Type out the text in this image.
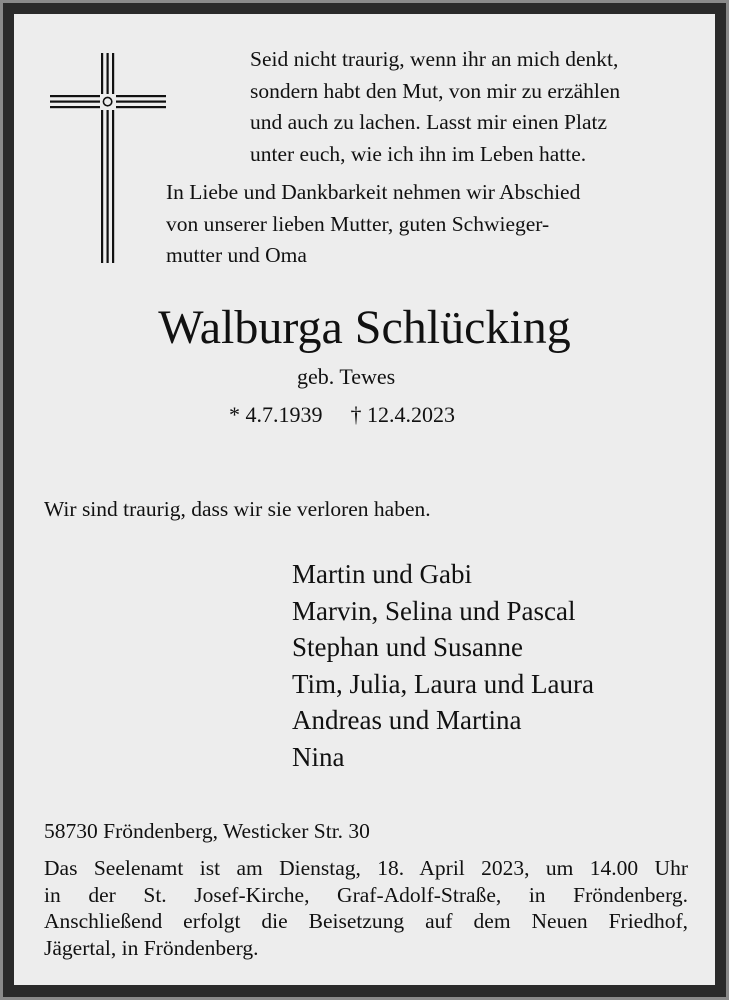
Seid nicht traurig, wenn ihr an mich denkt,
sondern habt den Mut, von mir zu erzählen
und auch zu lachen. Lasst mir einen Platz
unter euch, wie ich ihn im Leben hatte.
In Liebe und Dankbarkeit nehmen wir Abschied
von unserer lieben Mutter, guten Schwieger-
mutter und Oma
Walburga Schlücking
geb. Tewes
* 4.7.1939 † 12.4.2023
Wir sind traurig, dass wir sie verloren haben.
Martin und Gabi
Marvin, Selina und Pascal
Stephan und Susanne
Tim, Julia, Laura und Laura
Andreas und Martina
Nina
58730 Fröndenberg, Westicker Str. 30
Das Seelenamt ist am Dienstag, 18. April 2023, um 14.00 Uhr
in der St. Josef-Kirche, Graf-Adolf-Straße, in Fröndenberg.
Anschließend erfolgt die Beisetzung auf dem Neuen Friedhof,
Jägertal, in Fröndenberg.
